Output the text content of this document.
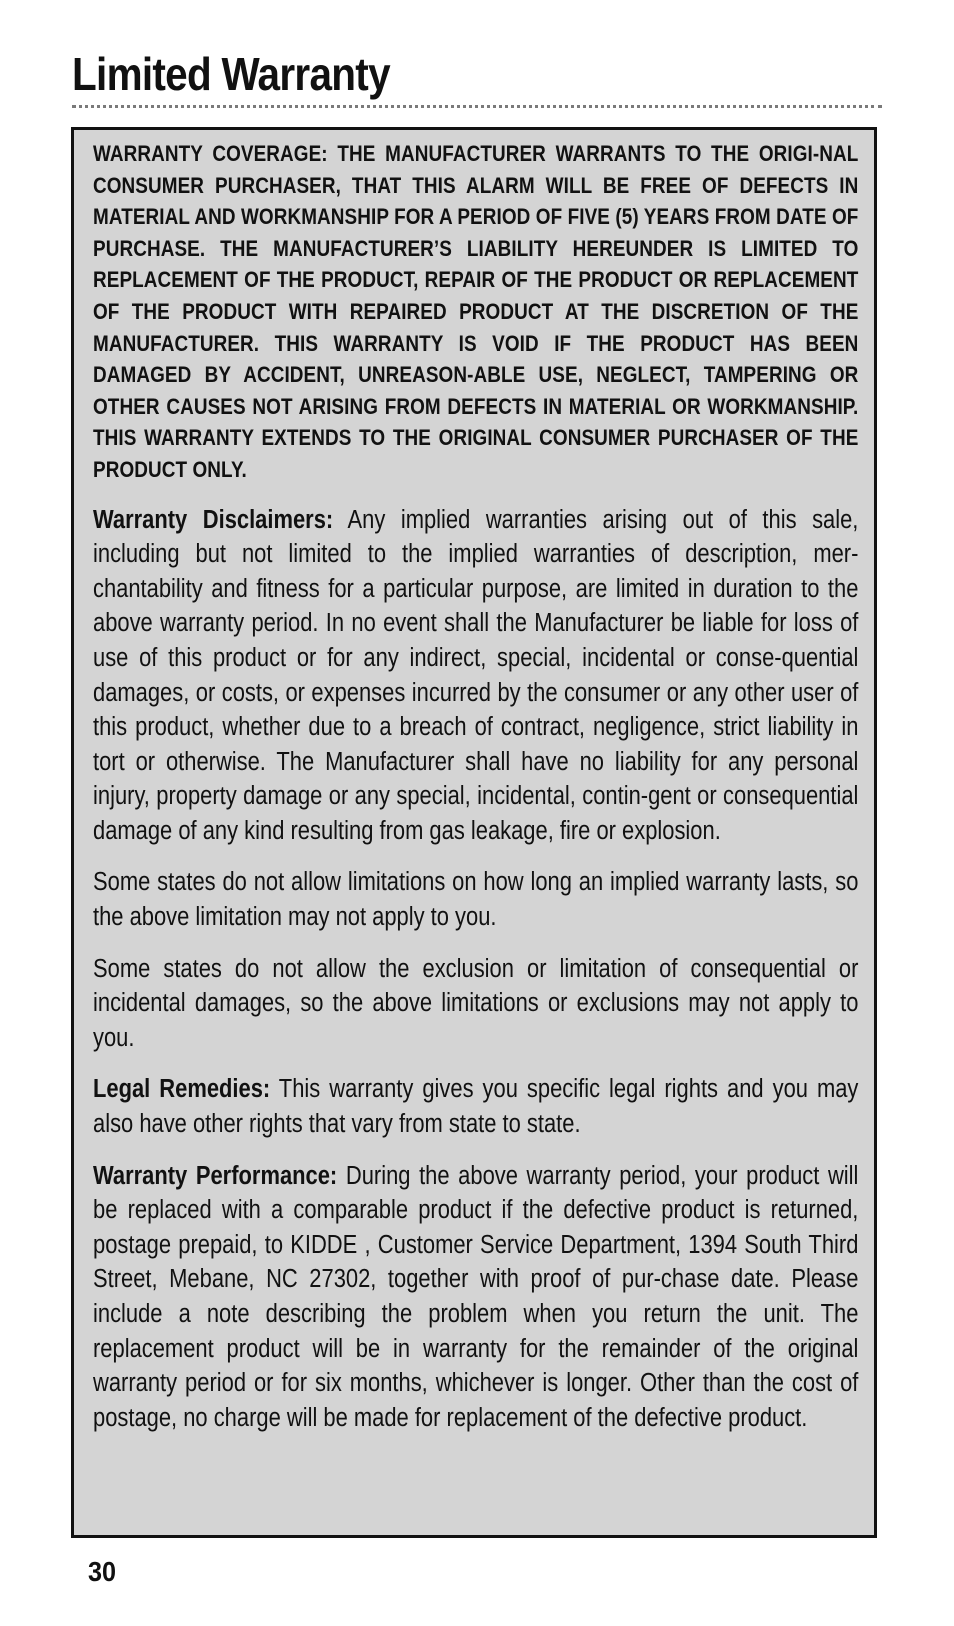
Limited Warranty

WARRANTY COVERAGE: THE MANUFACTURER WARRANTS TO THE ORIGI-NAL CONSUMER PURCHASER, THAT THIS ALARM WILL BE FREE OF DEFECTS IN MATERIAL AND WORKMANSHIP FOR A PERIOD OF FIVE (5) YEARS FROM DATE OF PURCHASE. THE MANUFACTURER’S LIABILITY HEREUNDER IS LIMITED TO REPLACEMENT OF THE PRODUCT, REPAIR OF THE PRODUCT OR REPLACEMENT OF THE PRODUCT WITH REPAIRED PRODUCT AT THE DISCRETION OF THE MANUFACTURER. THIS WARRANTY IS VOID IF THE PRODUCT HAS BEEN DAMAGED BY ACCIDENT, UNREASON-ABLE USE, NEGLECT, TAMPERING OR OTHER CAUSES NOT ARISING FROM DEFECTS IN MATERIAL OR WORKMANSHIP. THIS WARRANTY EXTENDS TO THE ORIGINAL CONSUMER PURCHASER OF THE PRODUCT ONLY.

Warranty Disclaimers: Any implied warranties arising out of this sale, including but not limited to the implied warranties of description, mer-chantability and fitness for a particular purpose, are limited in duration to the above warranty period. In no event shall the Manufacturer be liable for loss of use of this product or for any indirect, special, incidental or conse-quential damages, or costs, or expenses incurred by the consumer or any other user of this product, whether due to a breach of contract, negligence, strict liability in tort or otherwise. The Manufacturer shall have no liability for any personal injury, property damage or any special, incidental, contin-gent or consequential damage of any kind resulting from gas leakage, fire or explosion.

Some states do not allow limitations on how long an implied warranty lasts, so the above limitation may not apply to you.

Some states do not allow the exclusion or limitation of consequential or incidental damages, so the above limitations or exclusions may not apply to you.

Legal Remedies: This warranty gives you specific legal rights and you may also have other rights that vary from state to state.

Warranty Performance: During the above warranty period, your product will be replaced with a comparable product if the defective product is returned, postage prepaid, to KIDDE , Customer Service Department, 1394 South Third Street, Mebane, NC 27302, together with proof of pur-chase date. Please include a note describing the problem when you return the unit. The replacement product will be in warranty for the remainder of the original warranty period or for six months, whichever is longer. Other than the cost of postage, no charge will be made for replacement of the defective product.

30
